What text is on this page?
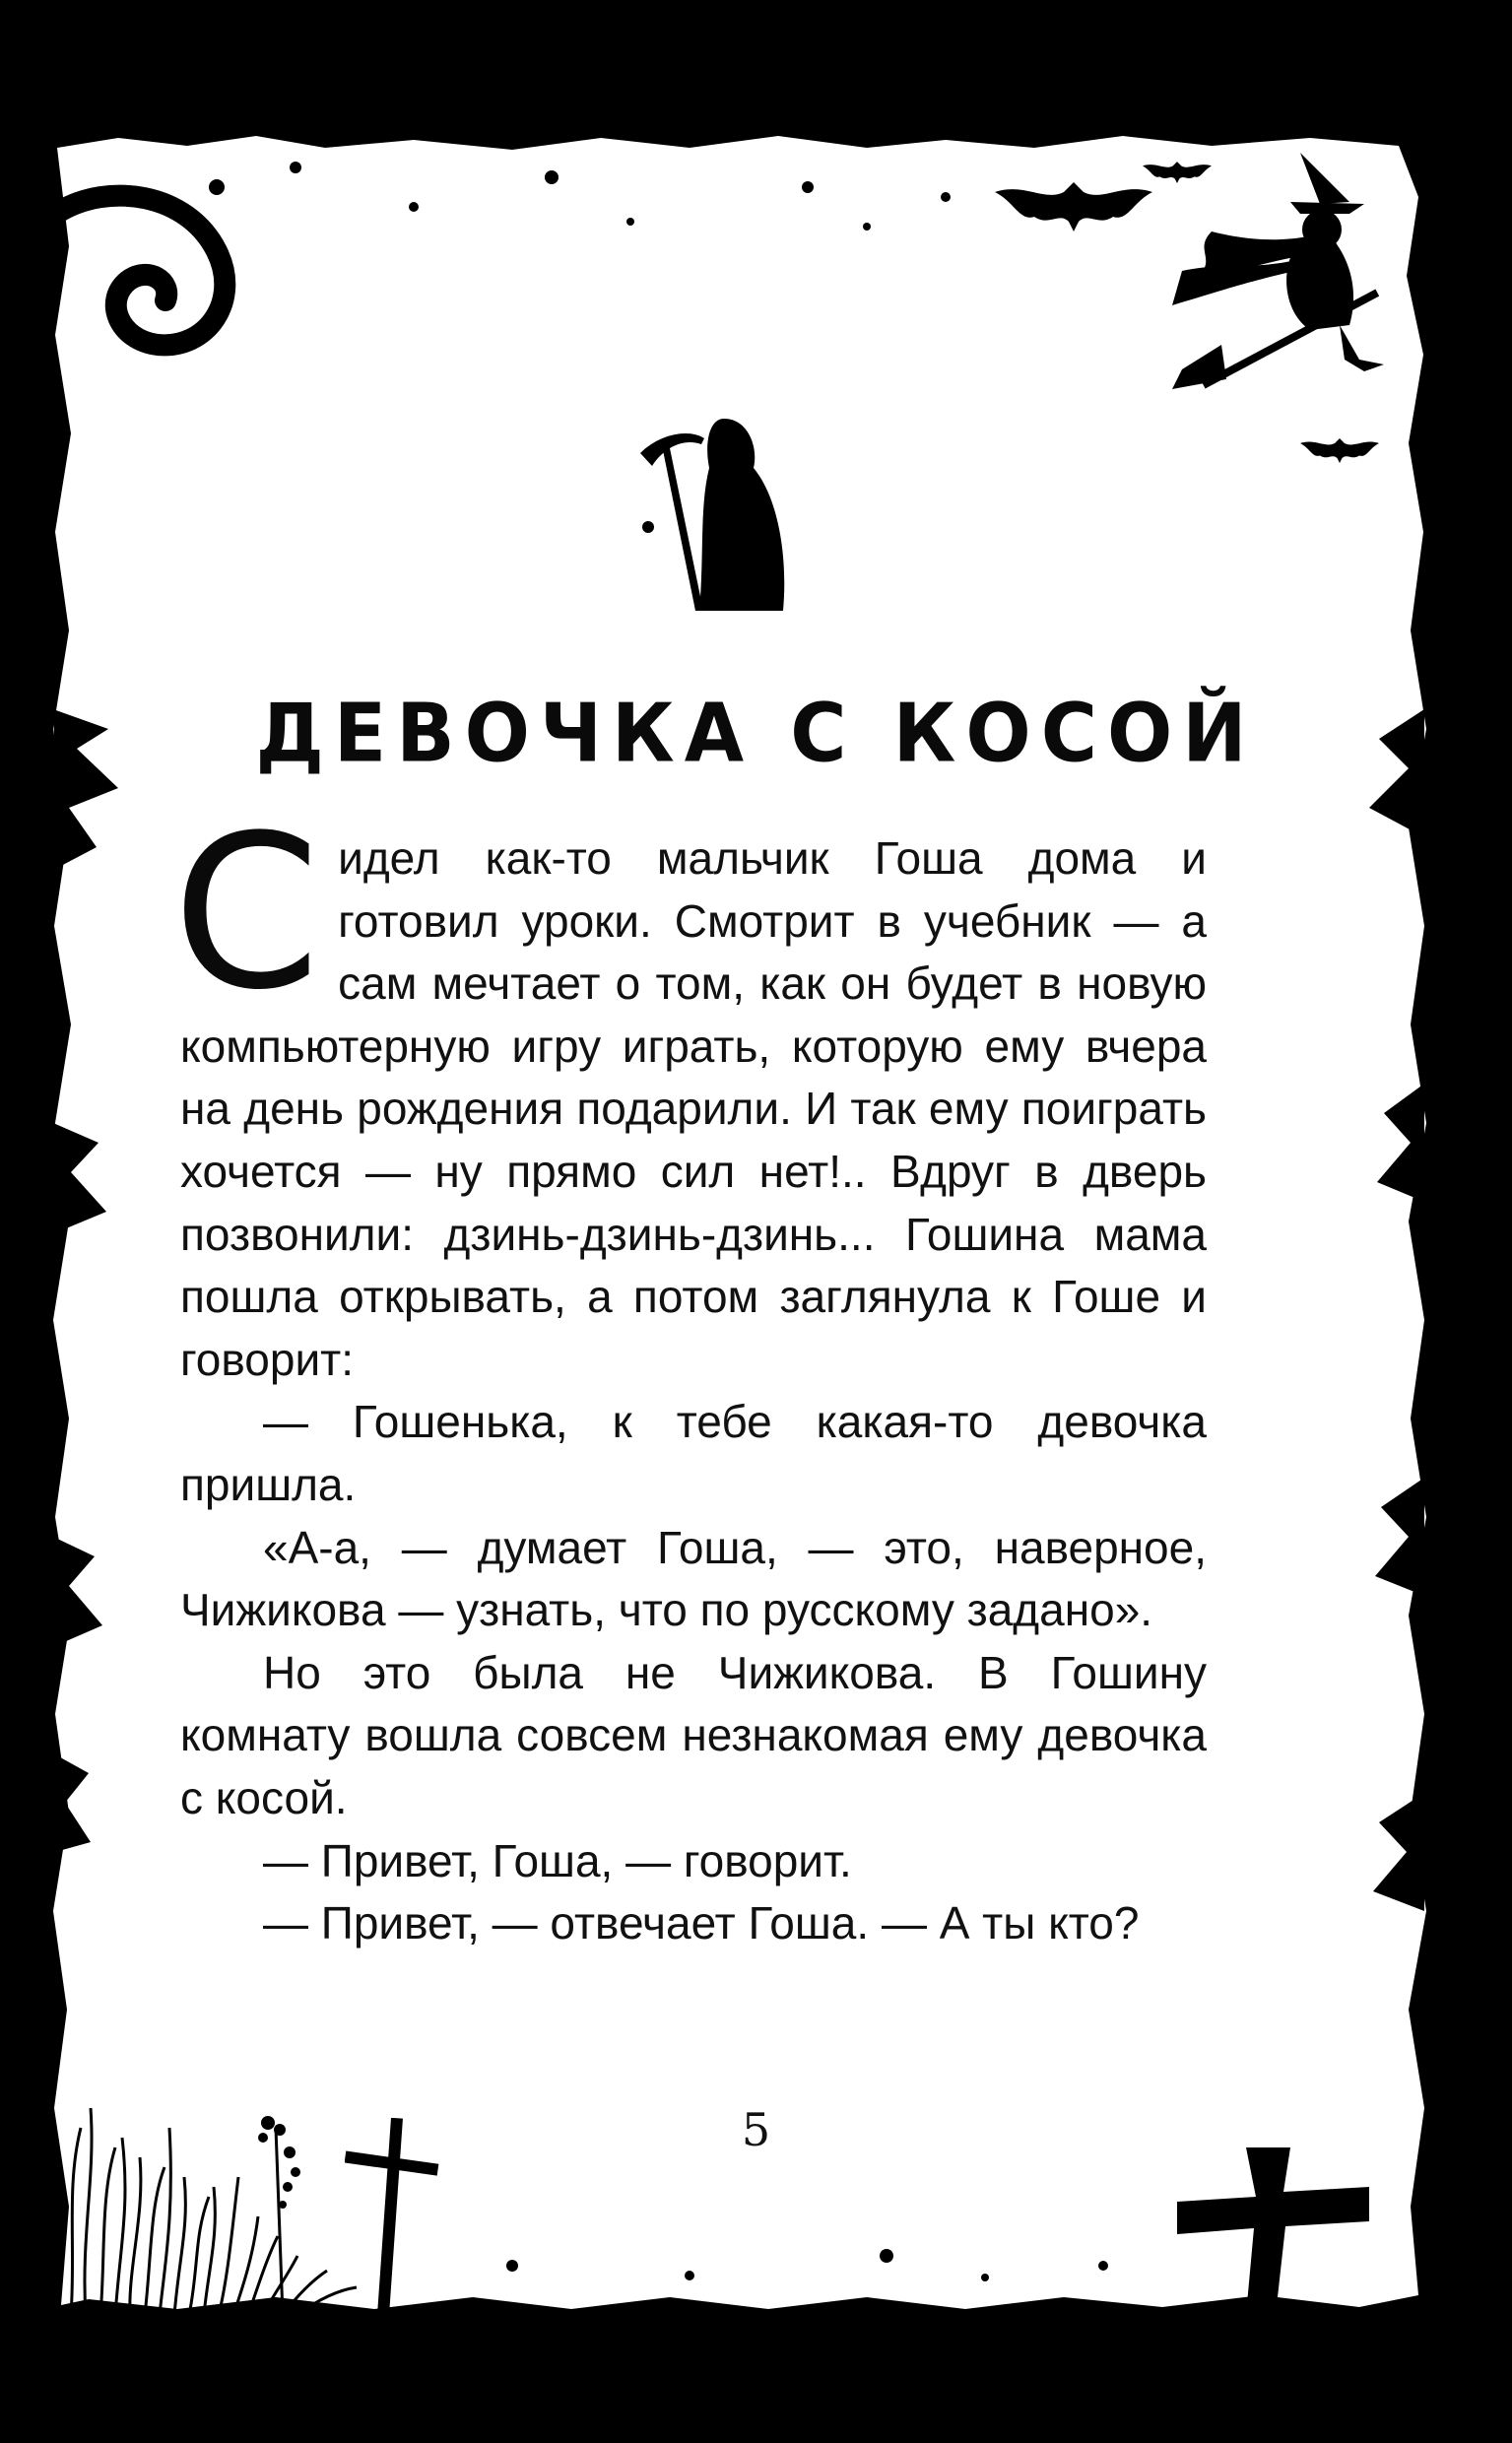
ДЕВОЧКА С КОСОЙ

Сидел как-то мальчик Гоша дома и готовил уроки. Смотрит в учебник — а сам мечтает о том, как он будет в новую компьютерную игру играть, которую ему вчера на день рождения подарили. И так ему поиграть хочется — ну прямо сил нет!.. Вдруг в дверь позвонили: дзинь-дзинь-дзинь... Гошина мама пошла открывать, а потом заглянула к Гоше и говорит:

— Гошенька, к тебе какая-то девочка пришла.

«А-а, — думает Гоша, — это, наверное, Чижикова — узнать, что по русскому задано».

Но это была не Чижикова. В Гошину комнату вошла совсем незнакомая ему девочка с косой.

— Привет, Гоша, — говорит.

— Привет, — отвечает Гоша. — А ты кто?

5
